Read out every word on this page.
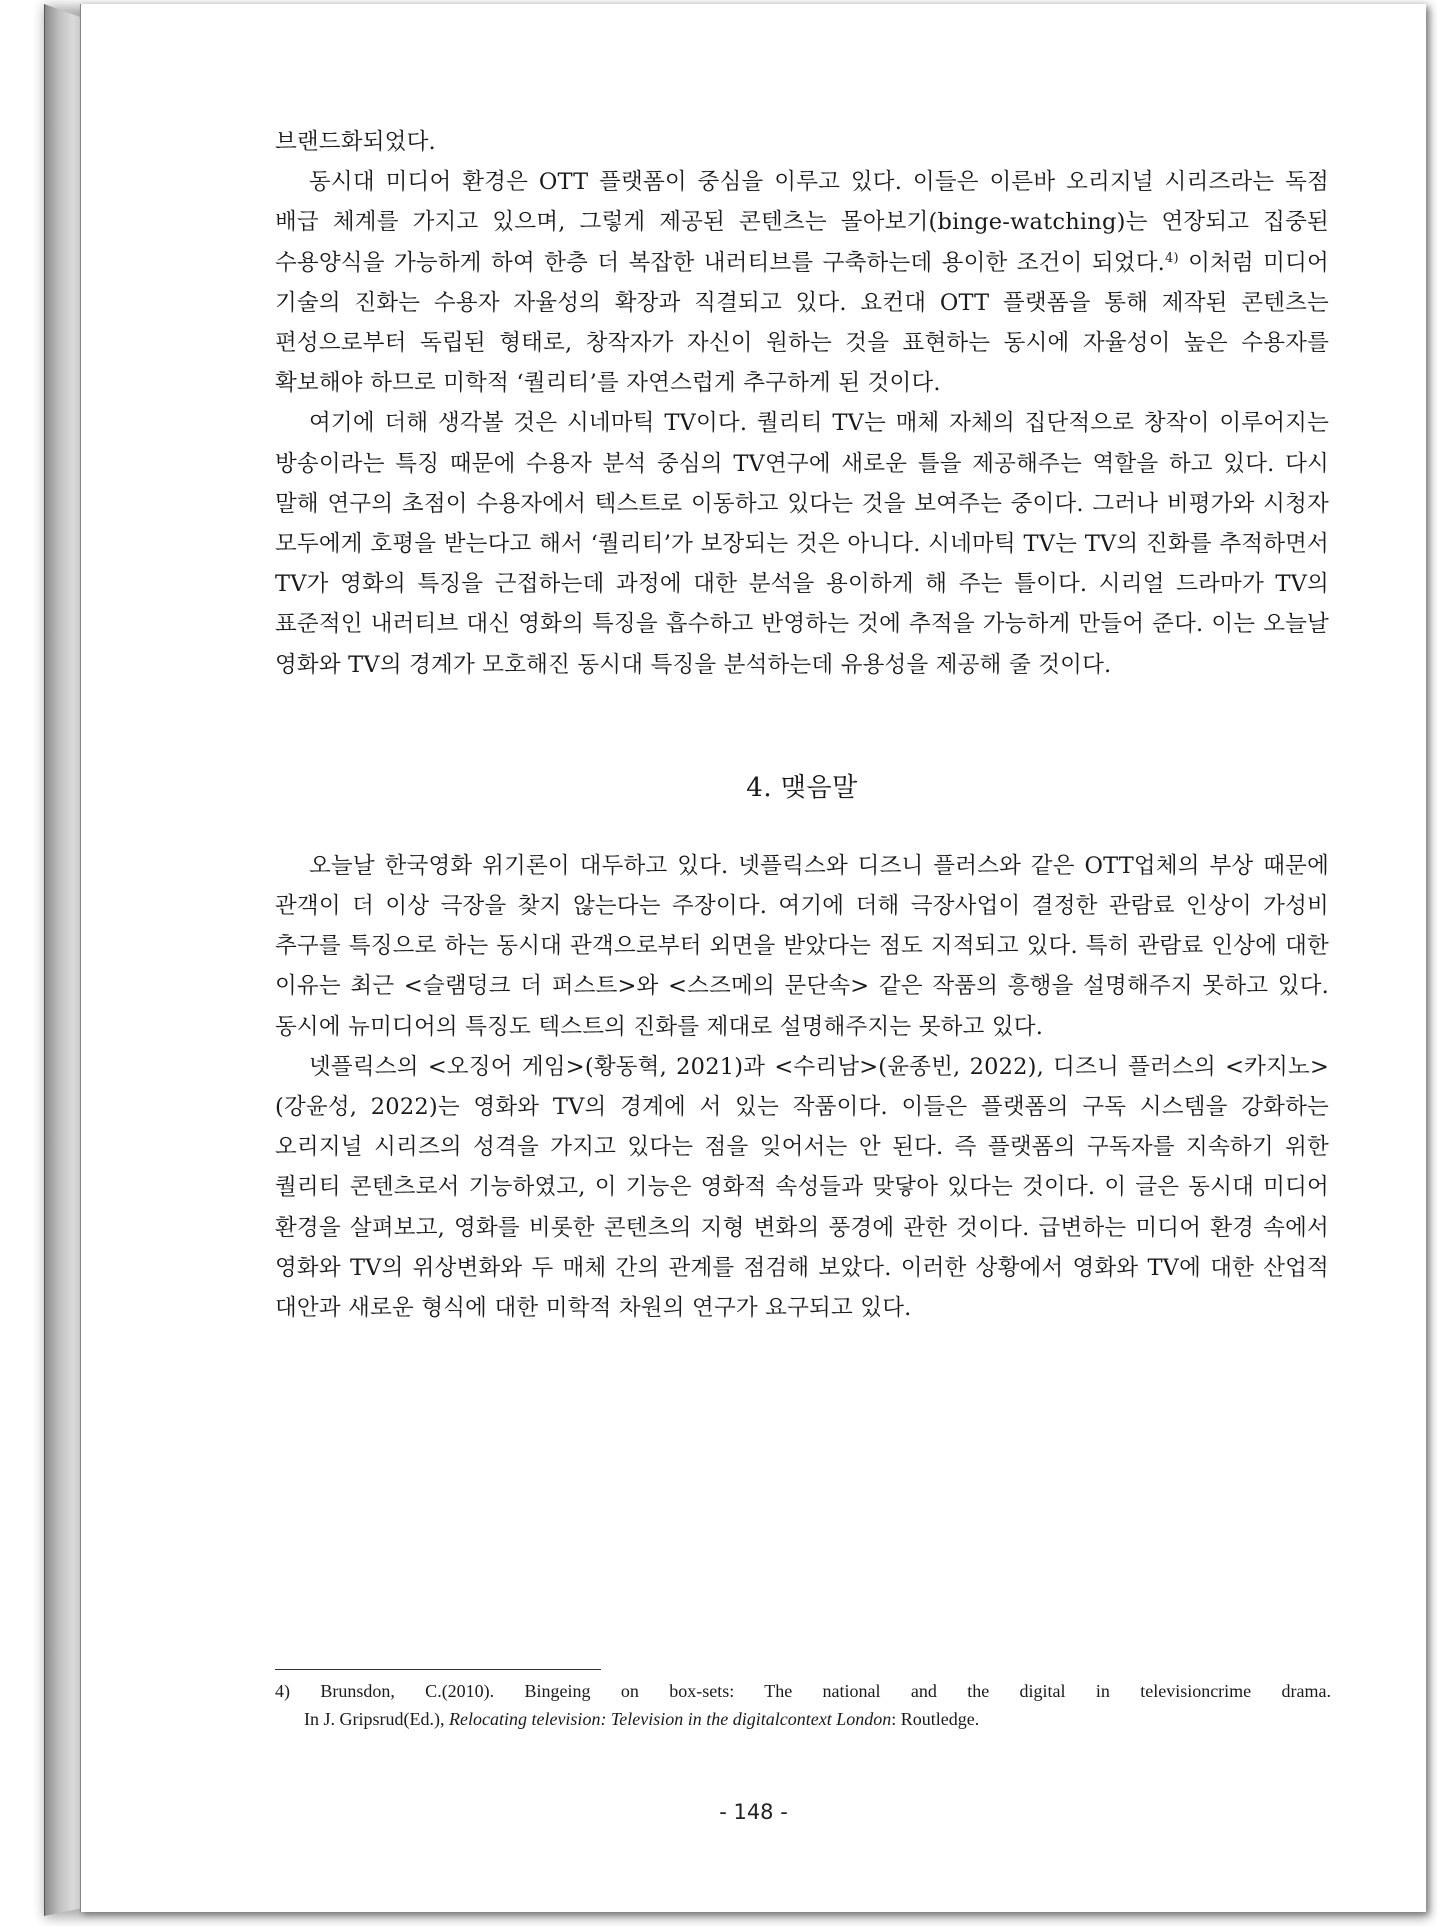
브랜드화되었다.

동시대 미디어 환경은 OTT 플랫폼이 중심을 이루고 있다. 이들은 이른바 오리지널 시리즈라는 독점 배급 체계를 가지고 있으며, 그렇게 제공된 콘텐츠는 몰아보기(binge-watching)는 연장되고 집중된 수용양식을 가능하게 하여 한층 더 복잡한 내러티브를 구축하는데 용이한 조건이 되었다.$^{4)}$ 이처럼 미디어 기술의 진화는 수용자 자율성의 확장과 직결되고 있다. 요컨대 OTT 플랫폼을 통해 제작된 콘텐츠는 편성으로부터 독립된 형태로, 창작자가 자신이 원하는 것을 표현하는 동시에 자율성이 높은 수용자를 확보해야 하므로 미학적 ‘퀄리티’를 자연스럽게 추구하게 된 것이다.

여기에 더해 생각볼 것은 시네마틱 TV이다. 퀄리티 TV는 매체 자체의 집단적으로 창작이 이루어지는 방송이라는 특징 때문에 수용자 분석 중심의 TV연구에 새로운 틀을 제공해주는 역할을 하고 있다. 다시 말해 연구의 초점이 수용자에서 텍스트로 이동하고 있다는 것을 보여주는 중이다. 그러나 비평가와 시청자 모두에게 호평을 받는다고 해서 ‘퀄리티’가 보장되는 것은 아니다. 시네마틱 TV는 TV의 진화를 추적하면서 TV가 영화의 특징을 근접하는데 과정에 대한 분석을 용이하게 해 주는 틀이다. 시리얼 드라마가 TV의 표준적인 내러티브 대신 영화의 특징을 흡수하고 반영하는 것에 추적을 가능하게 만들어 준다. 이는 오늘날 영화와 TV의 경계가 모호해진 동시대 특징을 분석하는데 유용성을 제공해 줄 것이다.

4. 맺음말

오늘날 한국영화 위기론이 대두하고 있다. 넷플릭스와 디즈니 플러스와 같은 OTT업체의 부상 때문에 관객이 더 이상 극장을 찾지 않는다는 주장이다. 여기에 더해 극장사업이 결정한 관람료 인상이 가성비 추구를 특징으로 하는 동시대 관객으로부터 외면을 받았다는 점도 지적되고 있다. 특히 관람료 인상에 대한 이유는 최근 <슬램덩크 더 퍼스트>와 <스즈메의 문단속> 같은 작품의 흥행을 설명해주지 못하고 있다. 동시에 뉴미디어의 특징도 텍스트의 진화를 제대로 설명해주지는 못하고 있다.

넷플릭스의 <오징어 게임>(황동혁, 2021)과 <수리남>(윤종빈, 2022), 디즈니 플러스의 <카지노>(강윤성, 2022)는 영화와 TV의 경계에 서 있는 작품이다. 이들은 플랫폼의 구독 시스템을 강화하는 오리지널 시리즈의 성격을 가지고 있다는 점을 잊어서는 안 된다. 즉 플랫폼의 구독자를 지속하기 위한 퀄리티 콘텐츠로서 기능하였고, 이 기능은 영화적 속성들과 맞닿아 있다는 것이다. 이 글은 동시대 미디어 환경을 살펴보고, 영화를 비롯한 콘텐츠의 지형 변화의 풍경에 관한 것이다. 급변하는 미디어 환경 속에서 영화와 TV의 위상변화와 두 매체 간의 관계를 점검해 보았다. 이러한 상황에서 영화와 TV에 대한 산업적 대안과 새로운 형식에 대한 미학적 차원의 연구가 요구되고 있다.

4) Brunsdon, C.(2010). Bingeing on box-sets: The national and the digital in televisioncrime drama.
In J. Gripsrud(Ed.), Relocating television: Television in the digitalcontext London: Routledge.
- 148 -
